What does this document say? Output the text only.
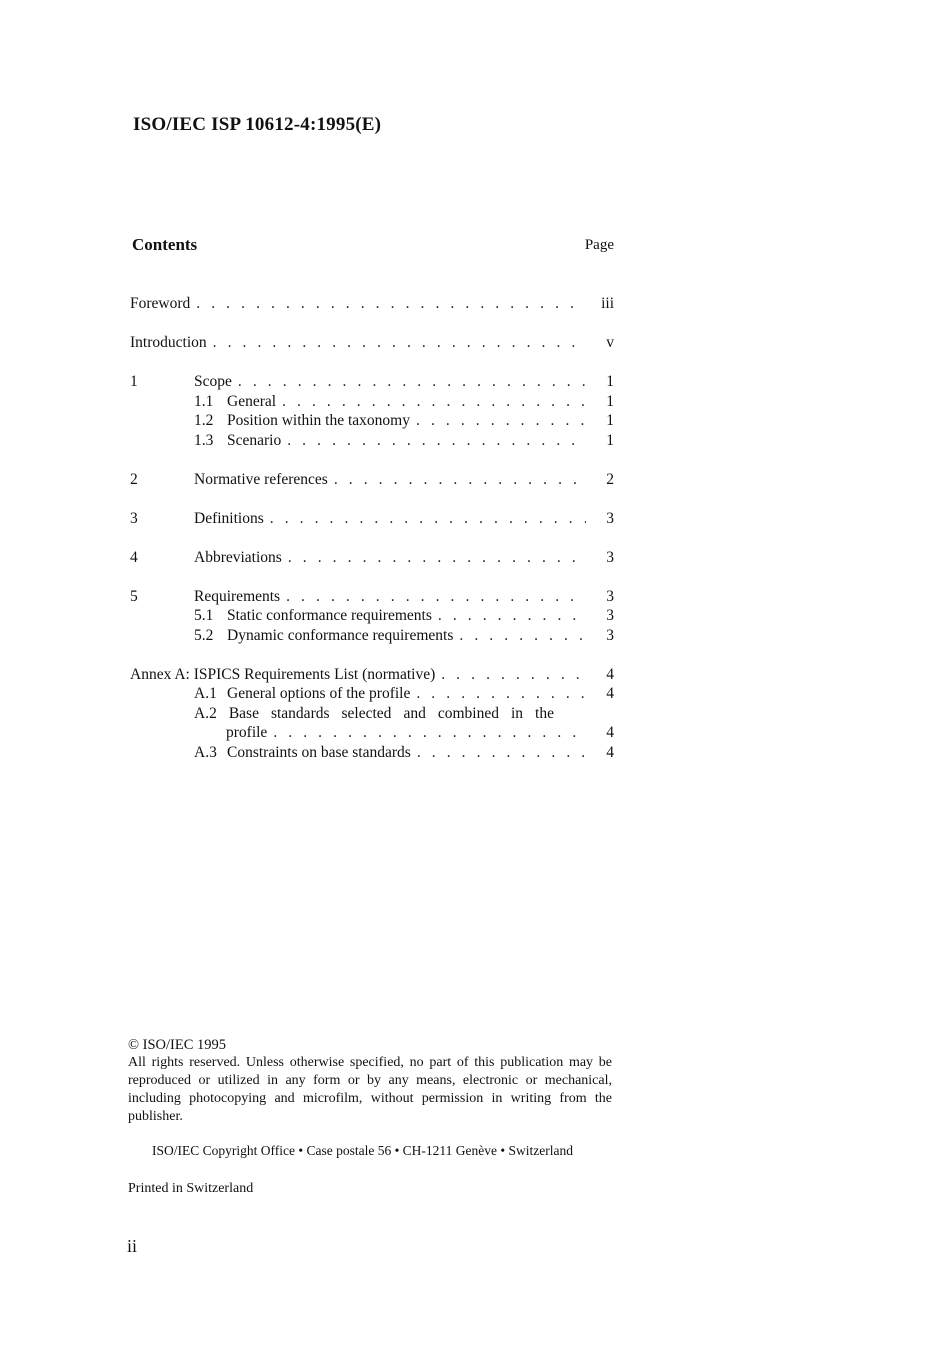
ISO/IEC ISP 10612-4:1995(E)
Contents	Page
Foreword . . .	iii
Introduction . . .	v
1	Scope . . .	1
1.1 General . . .	1
1.2 Position within the taxonomy . . .	1
1.3 Scenario . . .	1
2	Normative references . . .	2
3	Definitions . . .	3
4	Abbreviations . . .	3
5	Requirements . . .	3
5.1 Static conformance requirements . . .	3
5.2 Dynamic conformance requirements . . .	3
Annex A: ISPICS Requirements List (normative) . . .	4
A.1 General options of the profile . . .	4
A.2 Base standards selected and combined in the
profile . . .	4
A.3 Constraints on base standards . . .	4
© ISO/IEC 1995
All rights reserved. Unless otherwise specified, no part of this publication may be reproduced or utilized in any form or by any means, electronic or mechanical, including photocopying and microfilm, without permission in writing from the publisher.
ISO/IEC Copyright Office • Case postale 56 • CH-1211 Genève • Switzerland
Printed in Switzerland
ii
